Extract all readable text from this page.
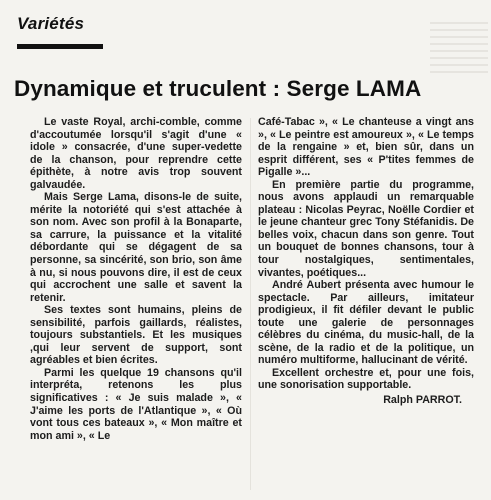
Variétés
Dynamique et truculent : Serge LAMA

Le vaste Royal, archi-comble, comme d'accoutumée lorsqu'il s'agit d'une « idole » consacrée, d'une super-vedette de la chanson, pour reprendre cette épithète, à notre avis trop souvent galvaudée.

Mais Serge Lama, disons-le de suite, mérite la notoriété qui s'est attachée à son nom. Avec son profil à la Bonaparte, sa carrure, la puissance et la vitalité débordante qui se dégagent de sa personne, sa sincérité, son brio, son âme à nu, si nous pouvons dire, il est de ceux qui accrochent une salle et savent la retenir.

Ses textes sont humains, pleins de sensibilité, parfois gaillards, réalistes, toujours substantiels. Et les musiques ,qui leur servent de support, sont agréables et bien écrites.

Parmi les quelque 19 chansons qu'il interpréta, retenons les plus significatives : « Je suis malade », « J'aime les ports de l'Atlantique », « Où vont tous ces bateaux », « Mon maître et mon ami », « Le

Café-Tabac », « Le chanteuse a vingt ans », « Le peintre est amoureux », « Le temps de la rengaine » et, bien sûr, dans un esprit différent, ses « P'tites femmes de Pigalle »...

En première partie du programme, nous avons applaudi un remarquable plateau : Nicolas Peyrac, Noëlle Cordier et le jeune chanteur grec Tony Stéfanidis. De belles voix, chacun dans son genre. Tout un bouquet de bonnes chansons, tour à tour nostalgiques, sentimentales, vivantes, poétiques...

André Aubert présenta avec humour le spectacle. Par ailleurs, imitateur prodigieux, il fit défiler devant le public toute une galerie de personnages célèbres du cinéma, du music-hall, de la scène, de la radio et de la politique, un numéro multiforme, hallucinant de vérité.

Excellent orchestre et, pour une fois, une sonorisation supportable.

Ralph PARROT.
